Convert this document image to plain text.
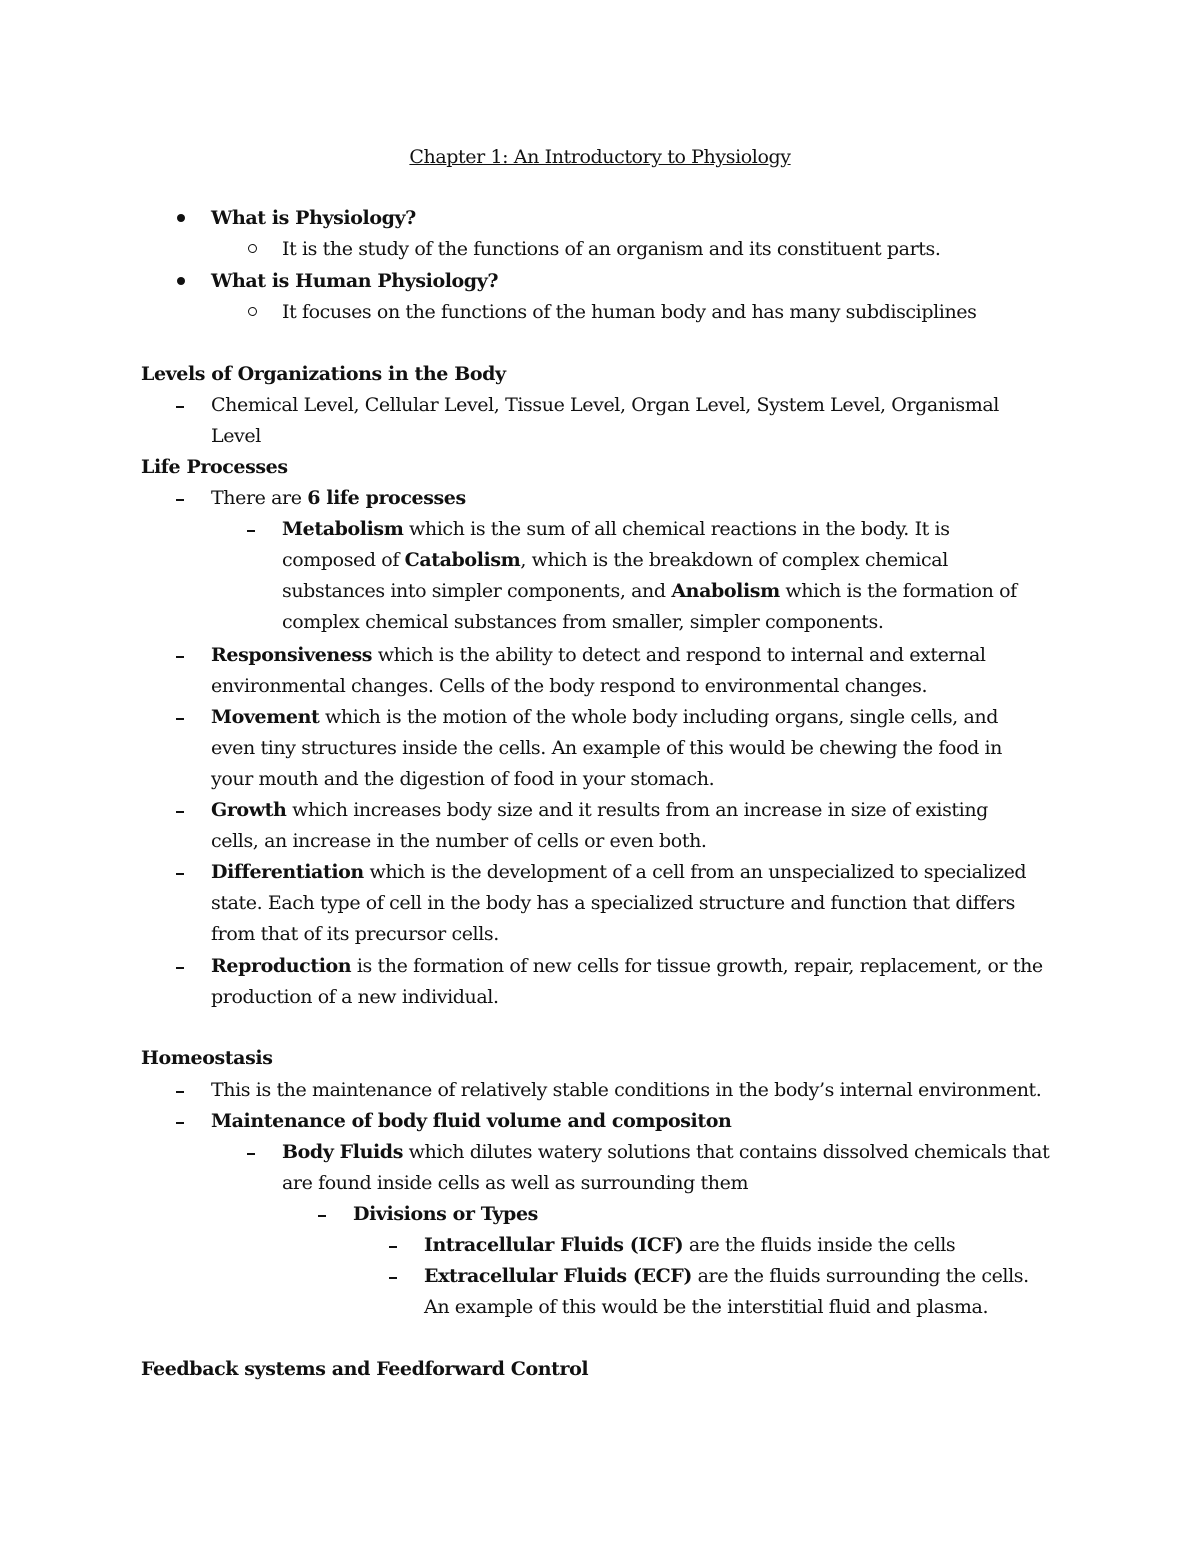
Chapter 1: An Introductory to Physiology
What is Physiology?
It is the study of the functions of an organism and its constituent parts.
What is Human Physiology?
It focuses on the functions of the human body and has many subdisciplines
Levels of Organizations in the Body
Chemical Level, Cellular Level, Tissue Level, Organ Level, System Level, Organismal
Level
Life Processes
There are 6 life processes
Metabolism which is the sum of all chemical reactions in the body. It is
composed of Catabolism, which is the breakdown of complex chemical
substances into simpler components, and Anabolism which is the formation of
complex chemical substances from smaller, simpler components.
Responsiveness which is the ability to detect and respond to internal and external
environmental changes. Cells of the body respond to environmental changes.
Movement which is the motion of the whole body including organs, single cells, and
even tiny structures inside the cells. An example of this would be chewing the food in
your mouth and the digestion of food in your stomach.
Growth which increases body size and it results from an increase in size of existing
cells, an increase in the number of cells or even both.
Differentiation which is the development of a cell from an unspecialized to specialized
state. Each type of cell in the body has a specialized structure and function that differs
from that of its precursor cells.
Reproduction is the formation of new cells for tissue growth, repair, replacement, or the
production of a new individual.
Homeostasis
This is the maintenance of relatively stable conditions in the body’s internal environment.
Maintenance of body fluid volume and compositon
Body Fluids which dilutes watery solutions that contains dissolved chemicals that
are found inside cells as well as surrounding them
Divisions or Types
Intracellular Fluids (ICF) are the fluids inside the cells
Extracellular Fluids (ECF) are the fluids surrounding the cells.
An example of this would be the interstitial fluid and plasma.
Feedback systems and Feedforward Control
